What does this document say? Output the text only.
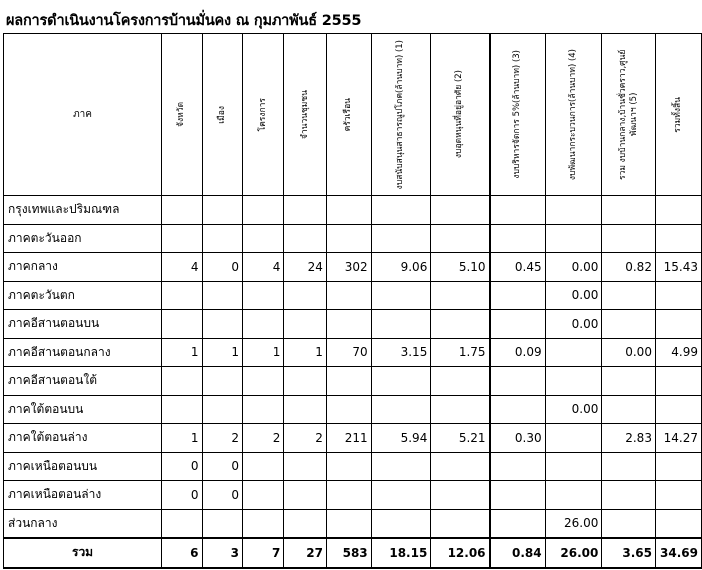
ผลการดำเนินงานโครงการบ้านมั่นคง ณ กุมภาพันธ์ 2555
ภาค	จังหวัด	เมือง	โครงการ	จำนวนชุมชน	ครัวเรือน	งบสนับสนุนสาธารณูปโภค(ล้านบาท) (1)	งบอุดหนุนที่อยู่อาศัย (2)	งบบริหารจัดการ 5%(ล้านบาท) (3)	งบพัฒนากระบวนการ(ล้านบาท) (4)	รวม งบบ้านกลาง,บ้านชั่วคราว,ศูนย์พัฒนาฯ (5)	รวมทั้งสิ้น

กรุงเทพและปริมณฑล											
ภาคตะวันออก											
ภาคกลาง	4	0	4	24	302	9.06	5.10	0.45	0.00	0.82	15.43
ภาคตะวันตก									0.00		
ภาคอีสานตอนบน									0.00		
ภาคอีสานตอนกลาง	1	1	1	1	70	3.15	1.75	0.09		0.00	4.99
ภาคอีสานตอนใต้											
ภาคใต้ตอนบน									0.00		
ภาคใต้ตอนล่าง	1	2	2	2	211	5.94	5.21	0.30		2.83	14.27
ภาคเหนือตอนบน	0	0									
ภาคเหนือตอนล่าง	0	0									
ส่วนกลาง									26.00		
รวม	6	3	7	27	583	18.15	12.06	0.84	26.00	3.65	34.69
